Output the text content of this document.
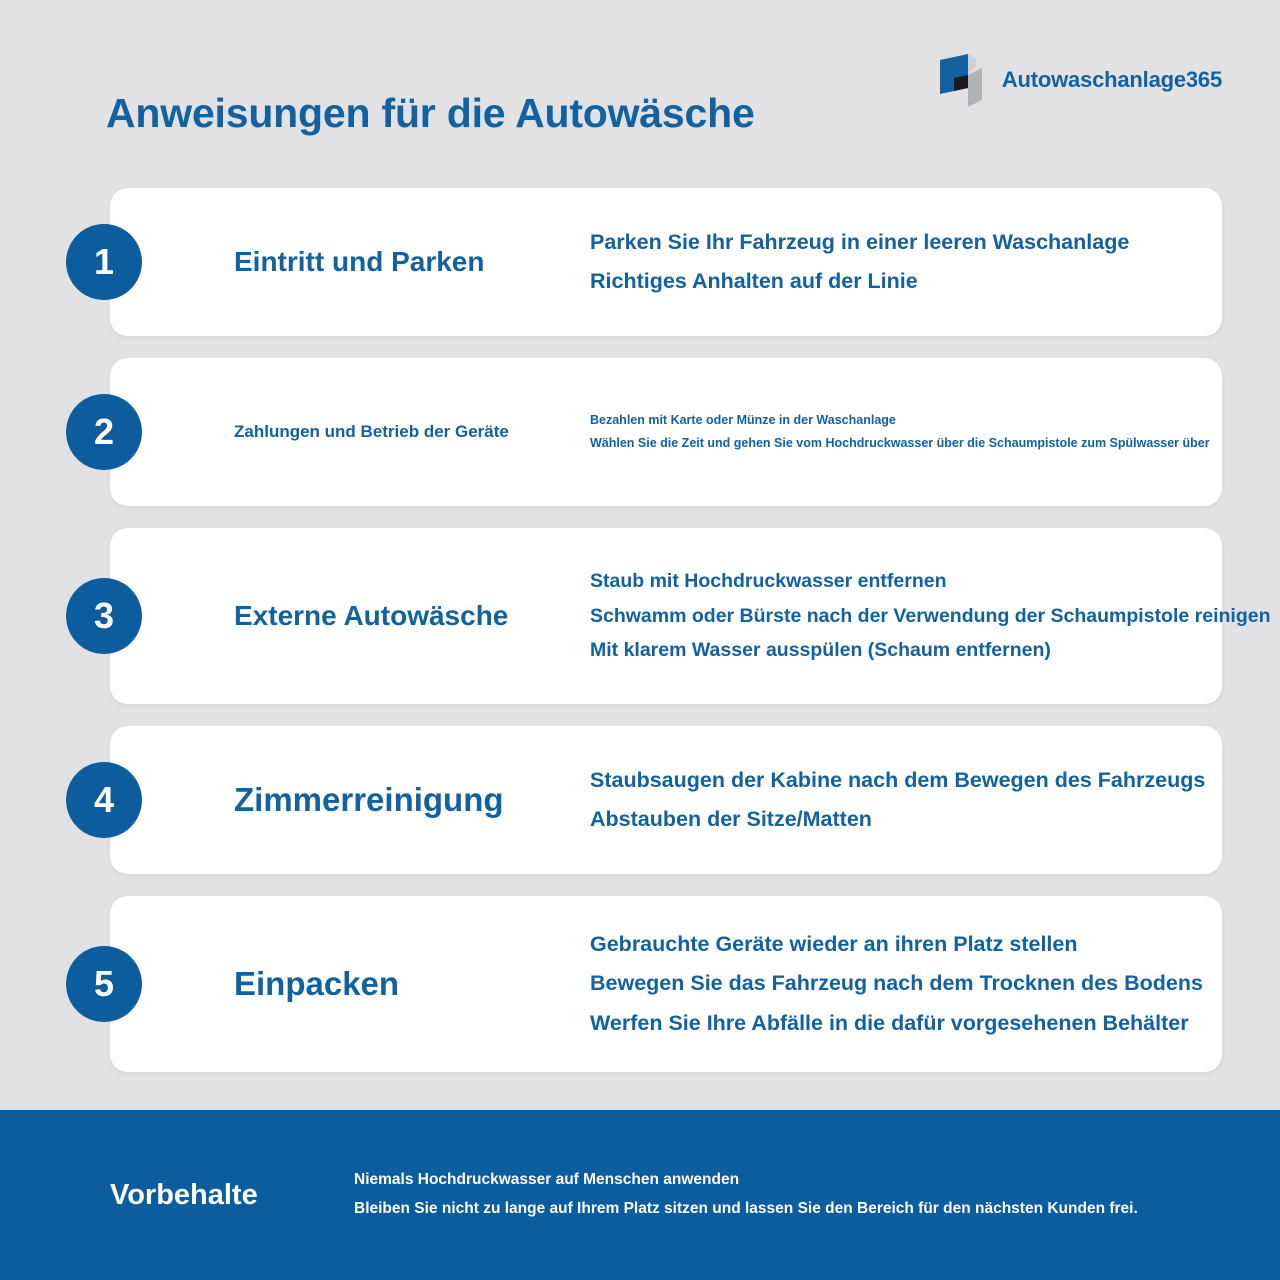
Anweisungen für die Autowäsche
Autowaschanlage365
1	Eintritt und Parken
Parken Sie Ihr Fahrzeug in einer leeren Waschanlage
Richtiges Anhalten auf der Linie
2	Zahlungen und Betrieb der Geräte
Bezahlen mit Karte oder Münze in der Waschanlage
Wählen Sie die Zeit und gehen Sie vom Hochdruckwasser über die Schaumpistole zum Spülwasser über
3	Externe Autowäsche
Staub mit Hochdruckwasser entfernen
Schwamm oder Bürste nach der Verwendung der Schaumpistole reinigen
Mit klarem Wasser ausspülen (Schaum entfernen)
4	Zimmerreinigung
Staubsaugen der Kabine nach dem Bewegen des Fahrzeugs
Abstauben der Sitze/Matten
5	Einpacken
Gebrauchte Geräte wieder an ihren Platz stellen
Bewegen Sie das Fahrzeug nach dem Trocknen des Bodens
Werfen Sie Ihre Abfälle in die dafür vorgesehenen Behälter
Vorbehalte	Niemals Hochdruckwasser auf Menschen anwenden
Bleiben Sie nicht zu lange auf Ihrem Platz sitzen und lassen Sie den Bereich für den nächsten Kunden frei.
